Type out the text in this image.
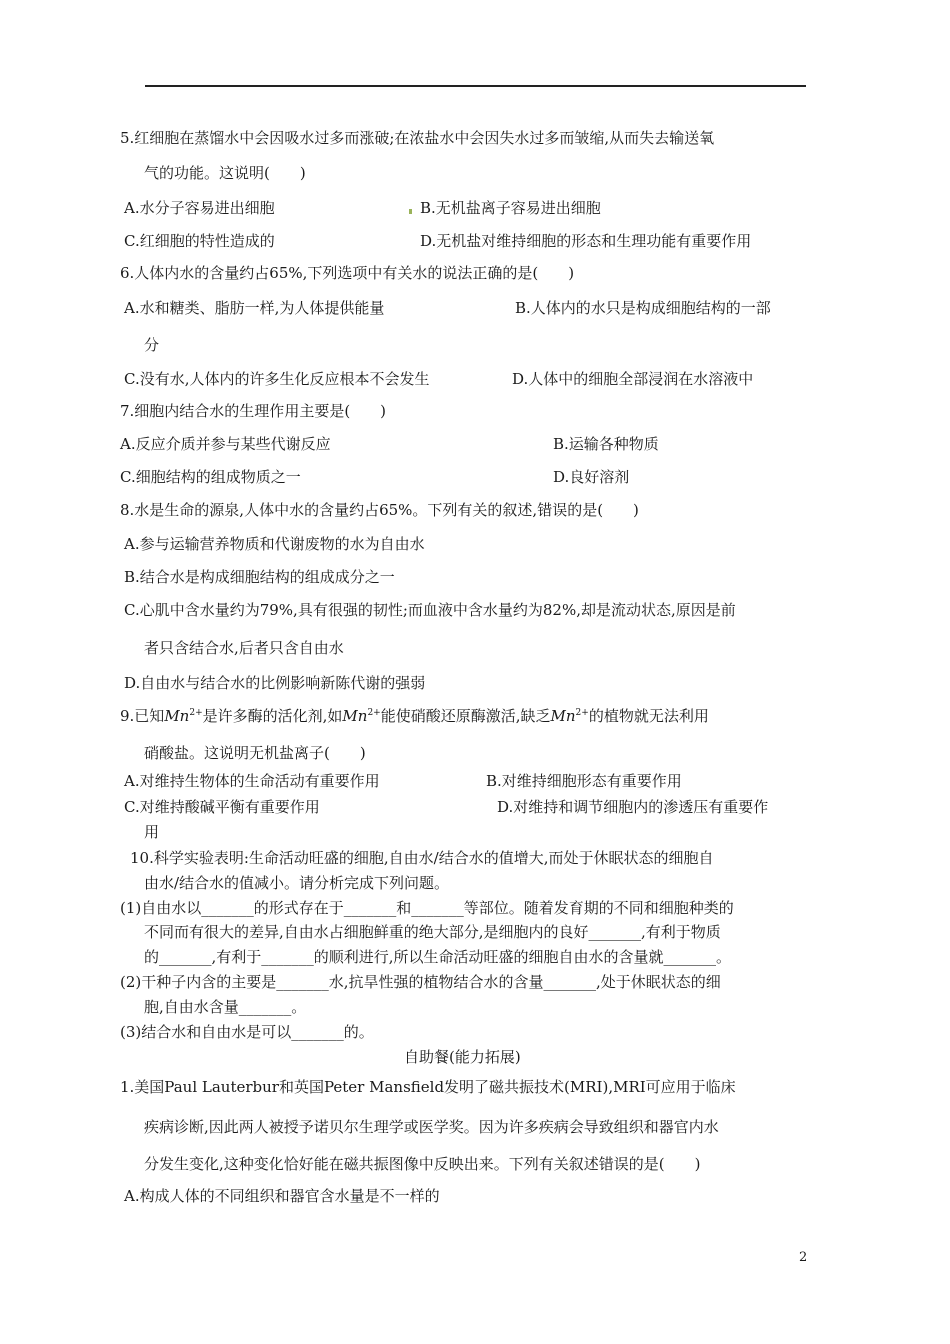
5.红细胞在蒸馏水中会因吸水过多而涨破;在浓盐水中会因失水过多而皱缩,从而失去输送氧
气的功能。这说明(　　)
A.水分子容易进出细胞	B.无机盐离子容易进出细胞
C.红细胞的特性造成的	D.无机盐对维持细胞的形态和生理功能有重要作用
6.人体内水的含量约占65%,下列选项中有关水的说法正确的是(　　)
A.水和糖类、脂肪一样,为人体提供能量	B.人体内的水只是构成细胞结构的一部
分
C.没有水,人体内的许多生化反应根本不会发生	D.人体中的细胞全部浸润在水溶液中
7.细胞内结合水的生理作用主要是(　　)
A.反应介质并参与某些代谢反应	B.运输各种物质
C.细胞结构的组成物质之一	D.良好溶剂
8.水是生命的源泉,人体中水的含量约占65%。下列有关的叙述,错误的是(　　)
A.参与运输营养物质和代谢废物的水为自由水
B.结合水是构成细胞结构的组成成分之一
C.心肌中含水量约为79%,具有很强的韧性;而血液中含水量约为82%,却是流动状态,原因是前
者只含结合水,后者只含自由水
D.自由水与结合水的比例影响新陈代谢的强弱
硝酸盐。这说明无机盐离子(　　)
A.对维持生物体的生命活动有重要作用	B.对维持细胞形态有重要作用
C.对维持酸碱平衡有重要作用	D.对维持和调节细胞内的渗透压有重要作
用
10.科学实验表明:生命活动旺盛的细胞,自由水/结合水的值增大,而处于休眠状态的细胞自
由水/结合水的值减小。请分析完成下列问题。
(1)自由水以_______的形式存在于_______和_______等部位。随着发育期的不同和细胞种类的
不同而有很大的差异,自由水占细胞鲜重的绝大部分,是细胞内的良好_______,有利于物质
的_______,有利于_______的顺利进行,所以生命活动旺盛的细胞自由水的含量就_______。
(2)干种子内含的主要是_______水,抗旱性强的植物结合水的含量_______,处于休眠状态的细
胞,自由水含量_______。
(3)结合水和自由水是可以_______的。
自助餐(能力拓展)
1.美国Paul Lauterbur和英国Peter Mansfield发明了磁共振技术(MRI),MRI可应用于临床
疾病诊断,因此两人被授予诺贝尔生理学或医学奖。因为许多疾病会导致组织和器官内水
分发生变化,这种变化恰好能在磁共振图像中反映出来。下列有关叙述错误的是(　　)
A.构成人体的不同组织和器官含水量是不一样的
9.已知$Mn^{2+}$是许多酶的活化剂,如$Mn^{2+}$能使硝酸还原酶激活,缺乏$Mn^{2+}$的植物就无法利用
2
